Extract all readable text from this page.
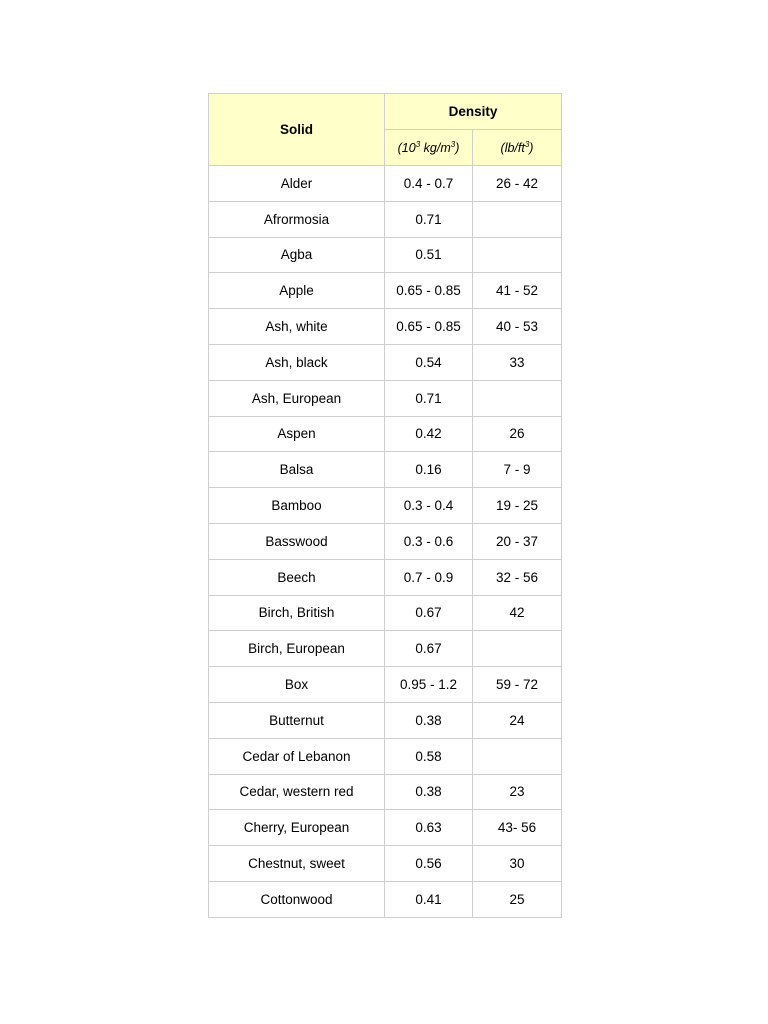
Solid	Density	
	($10^3$ $kg/m^3$)	$(lb/ft^3)$
Alder	0.4 - 0.7	26 - 42
Afrormosia	0.71	
Agba	0.51	
Apple	0.65 - 0.85	41 - 52
Ash, white	0.65 - 0.85	40 - 53
Ash, black	0.54	33
Ash, European	0.71	
Aspen	0.42	26
Balsa	0.16	7 - 9
Bamboo	0.3 - 0.4	19 - 25
Basswood	0.3 - 0.6	20 - 37
Beech	0.7 - 0.9	32 - 56
Birch, British	0.67	42
Birch, European	0.67	
Box	0.95 - 1.2	59 - 72
Butternut	0.38	24
Cedar of Lebanon	0.58	
Cedar, western red	0.38	23
Cherry, European	0.63	43- 56
Chestnut, sweet	0.56	30
Cottonwood	0.41	25
